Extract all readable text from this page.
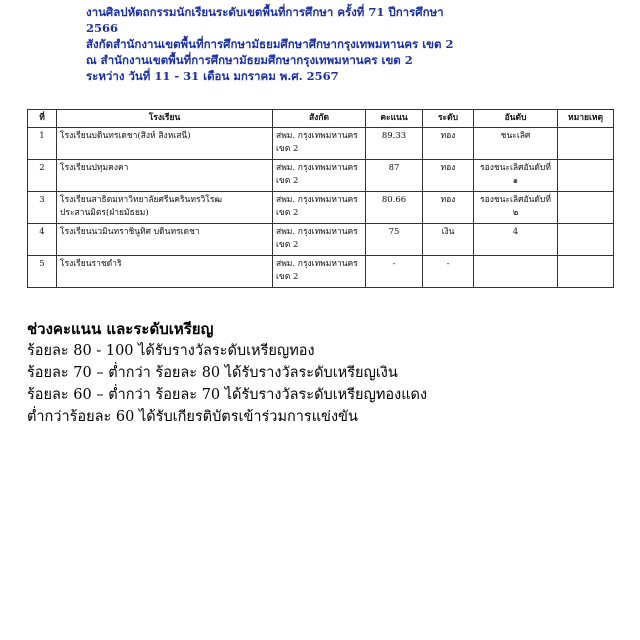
งานศิลปหัตถกรรมนักเรียนระดับเขตพื้นที่การศึกษา ครั้งที่ 71 ปีการศึกษา
2566
สังกัดสำนักงานเขตพื้นที่การศึกษามัธยมศึกษาศึกษากรุงเทพมหานคร เขต 2
ณ สำนักงานเขตพื้นที่การศึกษามัธยมศึกษากรุงเทพมหานคร เขต 2
ระหว่าง วันที่ 11 - 31 เดือน มกราคม พ.ศ. 2567
ที่	โรงเรียน	สังกัด	คะแนน	ระดับ	อันดับ	หมายเหตุ
1	โรงเรียนบดินทรเดชา(สิงห์ สิงหเสนี)	สพม. กรุงเทพมหานคร เขต 2	89.33	ทอง	ชนะเลิศ	
2	โรงเรียนปทุมคงคา	สพม. กรุงเทพมหานคร เขต 2	87	ทอง	รองชนะเลิศอันดับที่ ๑	
3	โรงเรียนสาธิตมหาวิทยาลัยศรีนครินทรวิโรฒ ประสานมิตร(ฝ่ายมัธยม)	สพม. กรุงเทพมหานคร เขต 2	80.66	ทอง	รองชนะเลิศอันดับที่ ๒	
4	โรงเรียนนวมินทราชินูทิศ บดินทรเดชา	สพม. กรุงเทพมหานคร เขต 2	75	เงิน	4	
5	โรงเรียนราชดำริ	สพม. กรุงเทพมหานคร เขต 2	-	-		
ช่วงคะแนน และระดับเหรียญ
ร้อยละ 80 - 100 ได้รับรางวัลระดับเหรียญทอง
ร้อยละ 70 – ต่ำกว่า ร้อยละ 80 ได้รับรางวัลระดับเหรียญเงิน
ร้อยละ 60 – ต่ำกว่า ร้อยละ 70 ได้รับรางวัลระดับเหรียญทองแดง
ต่ำกว่าร้อยละ 60 ได้รับเกียรติบัตรเข้าร่วมการแข่งขัน
